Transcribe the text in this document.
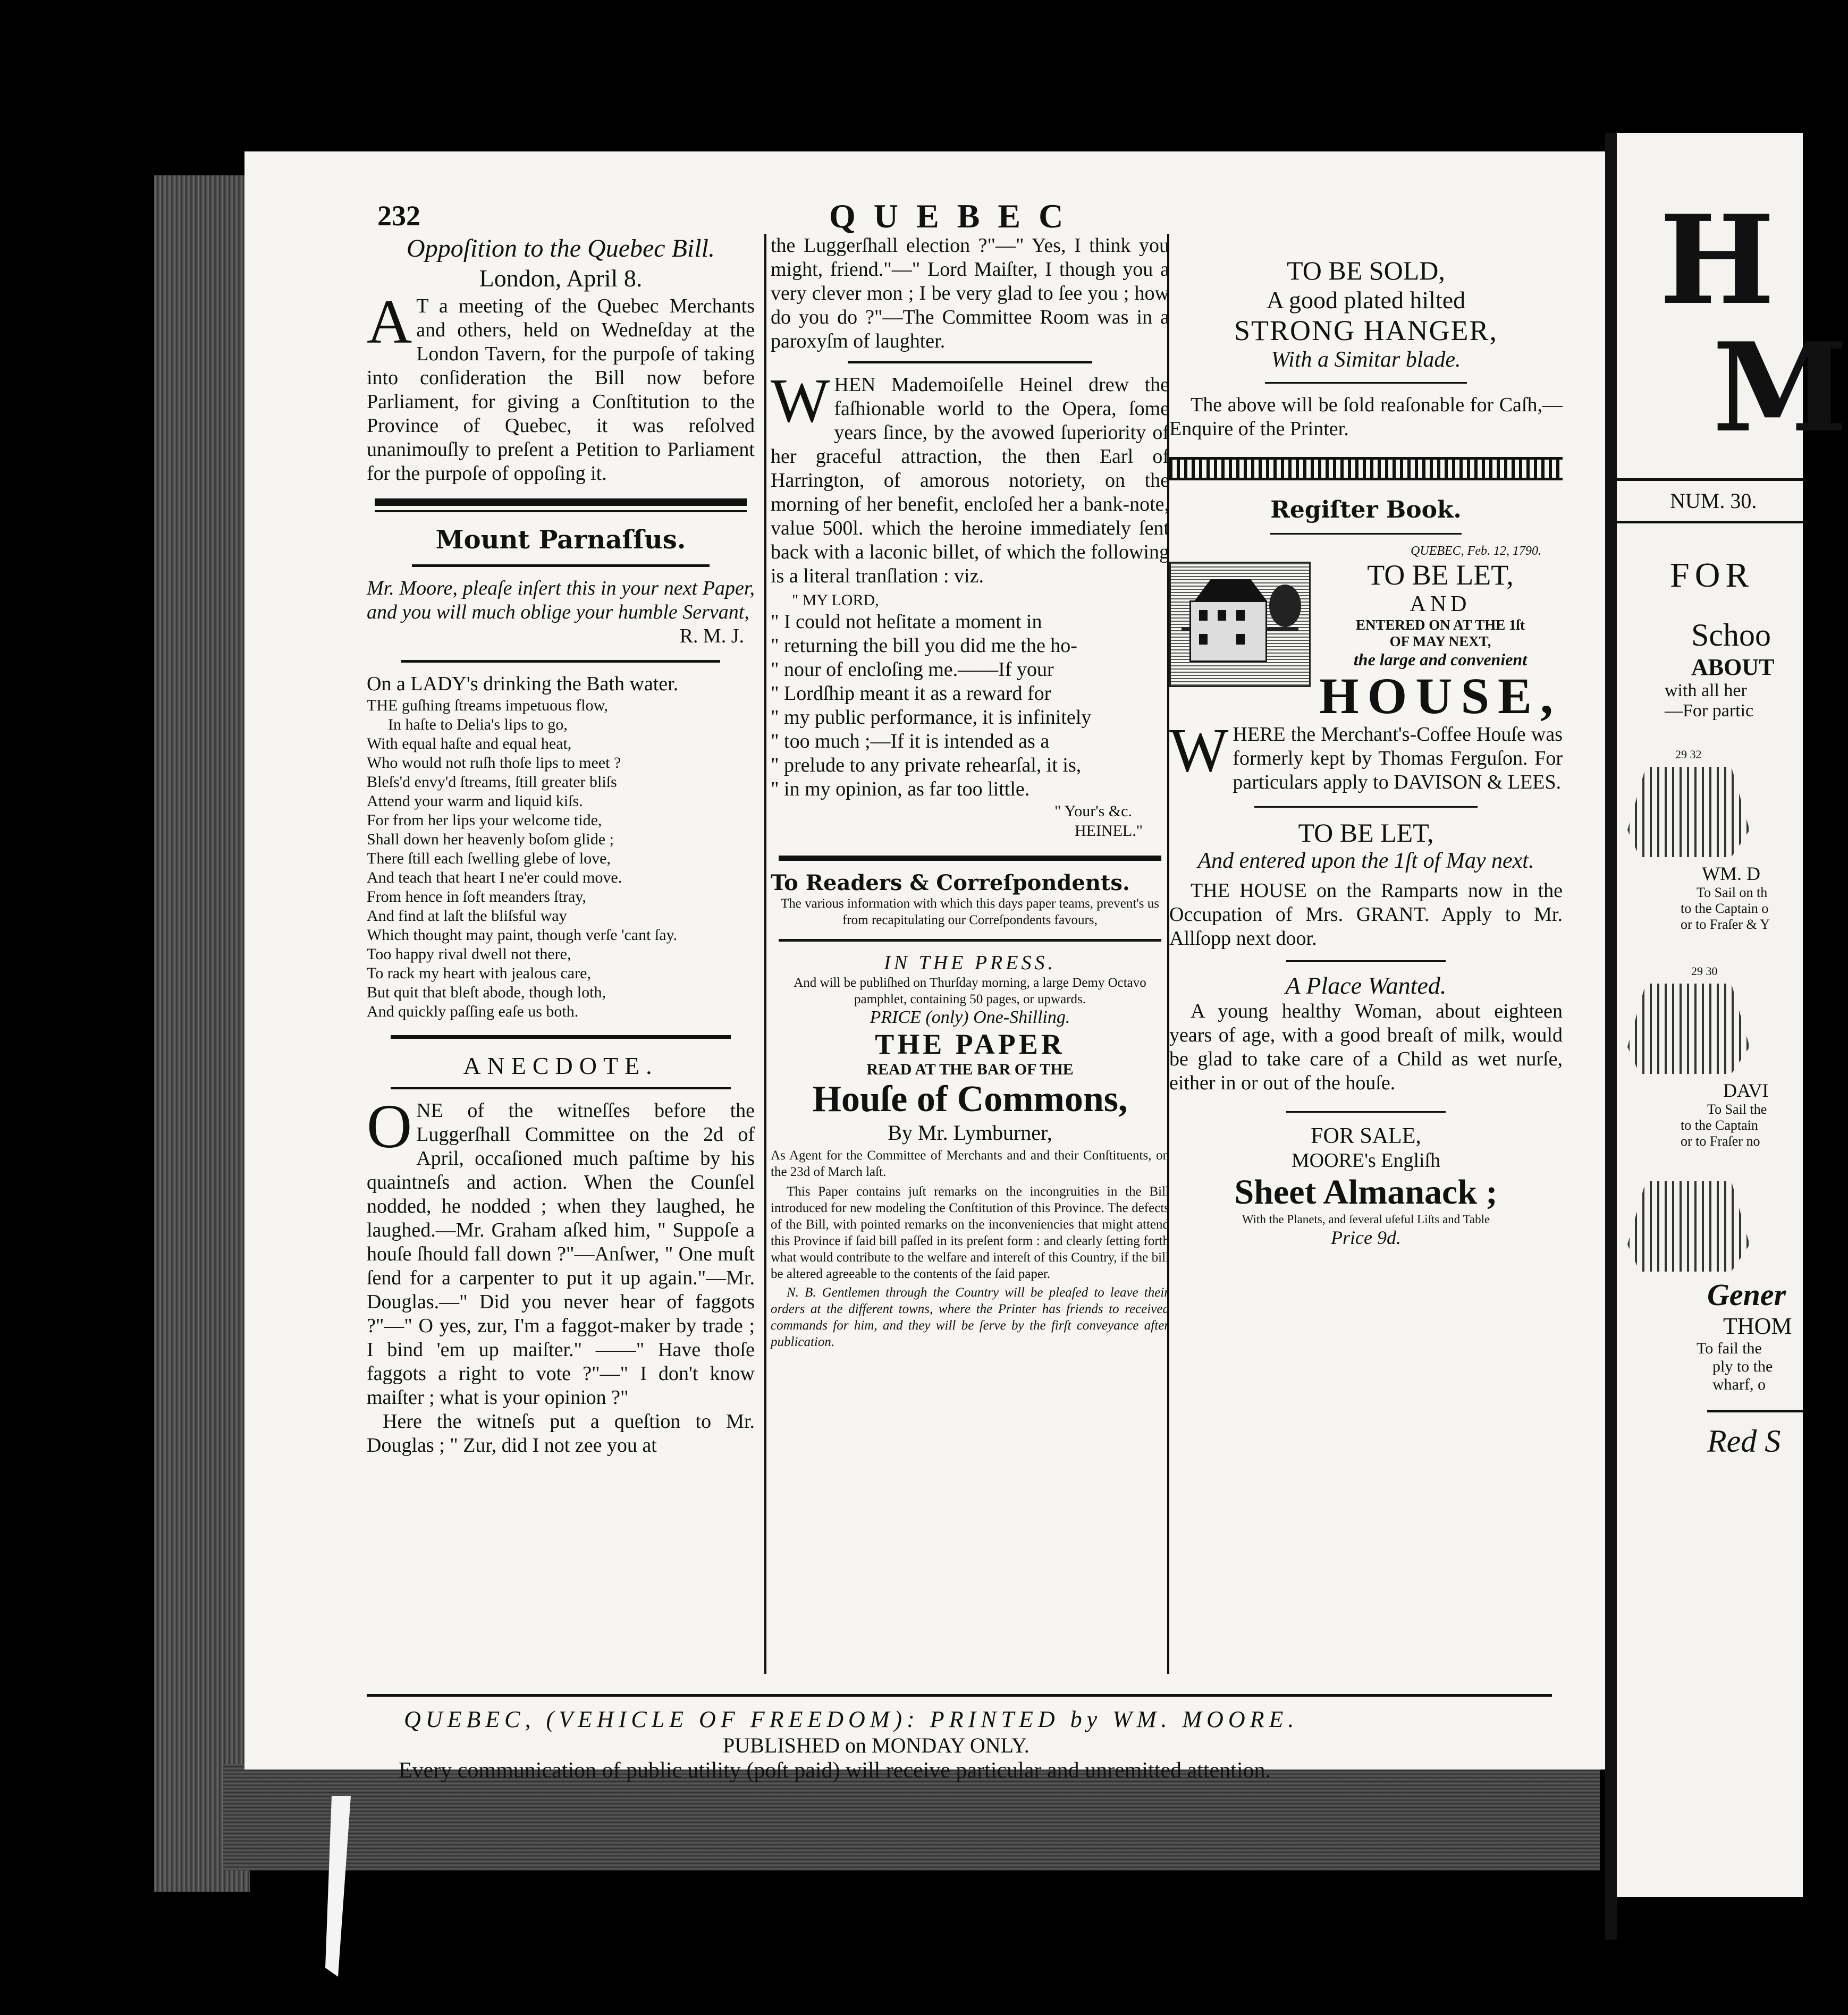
232	QUEBEC
Oppoſition to the Quebec Bill.
London, April 8.
A T a meeting of the Quebec Merchants and others, held on Wedneſday at the London Tavern, for the purpoſe of taking into conſideration the Bill now before Parliament, for giving a Conſtitution to the Province of Quebec, it was reſolved unanimouſly to preſent a Petition to Parliament for the purpoſe of oppoſing it.
Mount Parnaſſus.
Mr. Moore, pleaſe inſert this in your next Paper, and you will much oblige your humble Servant,
R. M. J.
On a LADY's drinking the Bath water.
THE guſhing ſtreams impetuous flow,
In haſte to Delia's lips to go,
With equal haſte and equal heat,
Who would not ruſh thoſe lips to meet ?
Bleſs'd envy'd ſtreams, ſtill greater bliſs
Attend your warm and liquid kiſs.
For from her lips your welcome tide,
Shall down her heavenly boſom glide ;
There ſtill each ſwelling glebe of love,
And teach that heart I ne'er could move.
From hence in ſoft meanders ſtray,
And find at laſt the bliſsful way
Which thought may paint, though verſe 'cant ſay.
Too happy rival dwell not there,
To rack my heart with jealous care,
But quit that bleſt abode, though loth,
And quickly paſſing eaſe us both.
ANECDOTE.
ONE of the witneſſes before the Luggerſhall Committee on the 2d of April, occaſioned much paſtime by his quaintneſs and action. When the Counſel nodded, he nodded ; when they laughed, he laughed.—Mr. Graham aſked him, " Suppoſe a houſe ſhould fall down ?"—Anſwer, " One muſt ſend for a carpenter to put it up again."—Mr. Douglas.—" Did you never hear of faggots ?"—" O yes, zur, I'm a faggot-maker by trade ; I bind 'em up maiſter." ——" Have thoſe faggots a right to vote ?"—" I don't know maiſter ; what is your opinion ?"
Here the witneſs put a queſtion to Mr. Douglas ; " Zur, did I not zee you at
the Luggerſhall election ?"—" Yes, I think you might, friend."—" Lord Maiſter, I though you a very clever mon ; I be very glad to ſee you ; how do you do ?"—The Committee Room was in a paroxyſm of laughter.
WHEN Mademoiſelle Heinel drew the faſhionable world to the Opera, ſome years ſince, by the avowed ſuperiority of her graceful attraction, the then Earl of Harrington, of amorous notoriety, on the morning of her benefit, encloſed her a bank-note, value 500l. which the heroine immediately ſent back with a laconic billet, of which the following is a literal tranſlation : viz.
" MY LORD,
" I could not heſitate a moment in
" returning the bill you did me the ho-
" nour of encloſing me.——If your
" Lordſhip meant it as a reward for
" my public performance, it is infinitely
" too much ;—If it is intended as a
" prelude to any private rehearſal, it is,
" in my opinion, as far too little.
" Your's &c.
HEINEL."
To Readers & Correſpondents.
The various information with which this days paper teams, prevent's us from recapitulating our Correſpondents favours,
IN THE PRESS.
And will be publiſhed on Thurſday morning, a large Demy Octavo pamphlet, containing 50 pages, or upwards.
PRICE (only) One-Shilling.
THE PAPER
READ AT THE BAR OF THE
Houſe of Commons,
By Mr. Lymburner,
As Agent for the Committee of Merchants and and their Conſtituents, on the 23d of March laſt.
This Paper contains juſt remarks on the incongruities in the Bill introduced for new modeling the Conſtitution of this Province. The defects of the Bill, with pointed remarks on the inconveniencies that might attend this Province if ſaid bill paſſed in its preſent form : and clearly ſetting forth what would contribute to the welfare and intereſt of this Country, if the bill be altered agreeable to the contents of the ſaid paper.
N. B. Gentlemen through the Country will be pleaſed to leave their orders at the different towns, where the Printer has friends to received commands for him, and they will be ſerve by the firſt conveyance after publication.
TO BE SOLD,
A good plated hilted
STRONG HANGER,
With a Simitar blade.
The above will be ſold reaſonable for Caſh,—Enquire of the Printer.
Regiſter Book.
QUEBEC, Feb. 12, 1790.
TO BE LET,
AND
ENTERED ON AT THE 1ſt
OF MAY NEXT,
the large and convenient
HOUSE,
WHERE the Merchant's-Coffee Houſe was formerly kept by Thomas Ferguſon. For particulars apply to DAVISON & LEES.
TO BE LET,
And entered upon the 1ſt of May next.
THE HOUSE on the Ramparts now in the Occupation of Mrs. GRANT. Apply to Mr. Allſopp next door.
A Place Wanted.
A young healthy Woman, about eighteen years of age, with a good breaſt of milk, would be glad to take care of a Child as wet nurſe, either in or out of the houſe.
FOR SALE,
MOORE's Engliſh
Sheet Almanack ;
With the Planets, and ſeveral uſeful Liſts and Table
Price 9d.
QUEBEC, (VEHICLE OF FREEDOM): PRINTED by WM. MOORE.
PUBLISHED on MONDAY ONLY.
Every communication of public utility (poſt paid) will receive particular and unremitted attention.
H
M
NUM. 30.
FOR
Schoo
ABOUT
with all her
—For partic
29 32
WM. D
To Sail on th
to the Captain o
or to Fraſer & Y
29 30
DAVI
To Sail the
to the Captain
or to Fraſer no
Gener
THOM
To fail the
ply to the
wharf, o
Red S
